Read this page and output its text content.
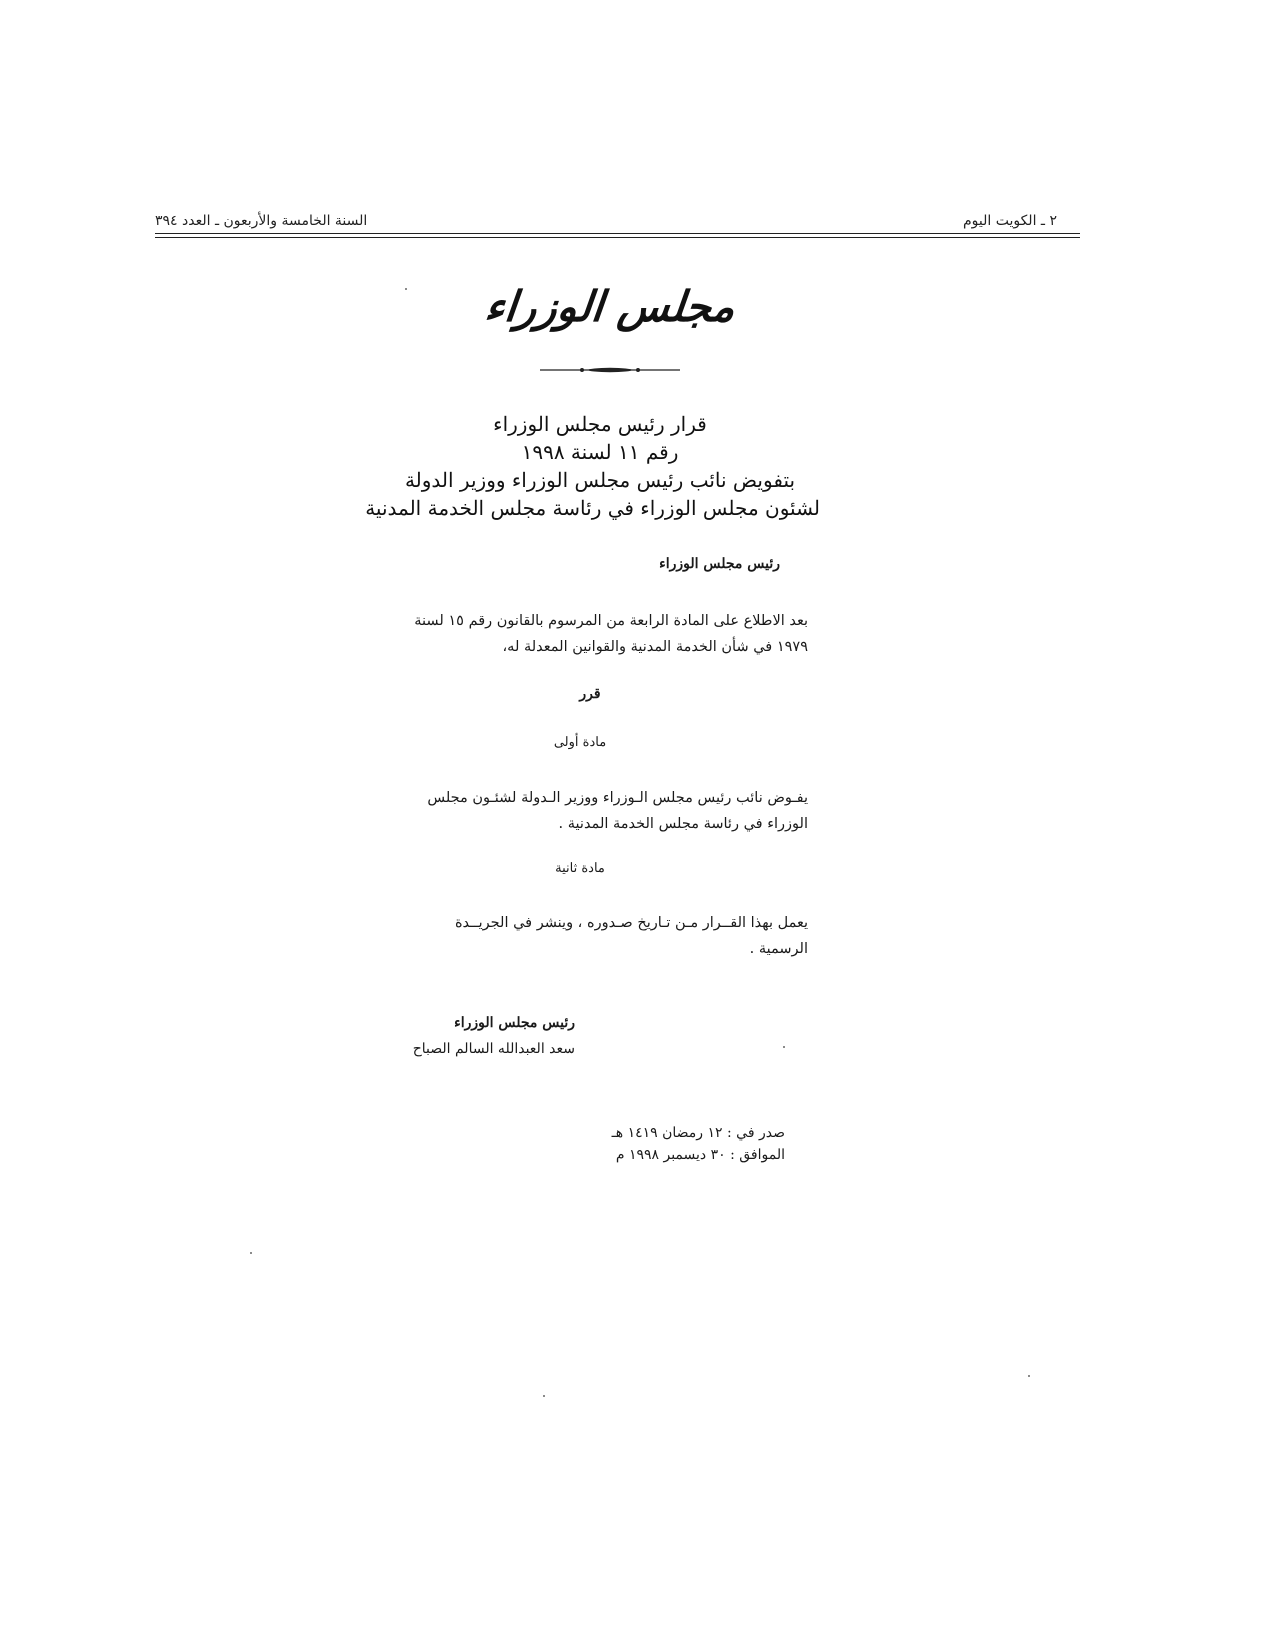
٢ ـ الكويت اليوم
السنة الخامسة والأربعون ـ العدد ٣٩٤
مجلس الوزراء
قرار رئيس مجلس الوزراء
رقم ١١ لسنة ١٩٩٨
بتفويض نائب رئيس مجلس الوزراء ووزير الدولة
لشئون مجلس الوزراء في رئاسة مجلس الخدمة المدنية
رئيس مجلس الوزراء
بعد الاطلاع على المادة الرابعة من المرسوم بالقانون رقم ١٥ لسنة
١٩٧٩ في شأن الخدمة المدنية والقوانين المعدلة له،
قرر
مادة أولى
يفـوض نائب رئيس مجلس الـوزراء ووزير الـدولة لشئـون مجلس
الوزراء في رئاسة مجلس الخدمة المدنية .
مادة ثانية
يعمل بهذا القــرار مـن تـاريخ صـدوره ، وينشر في الجريــدة
الرسمية .
رئيس مجلس الوزراء
سعد العبدالله السالم الصباح
صدر في : ١٢ رمضان ١٤١٩ هـ
الموافق : ٣٠ ديسمبر ١٩٩٨ م
